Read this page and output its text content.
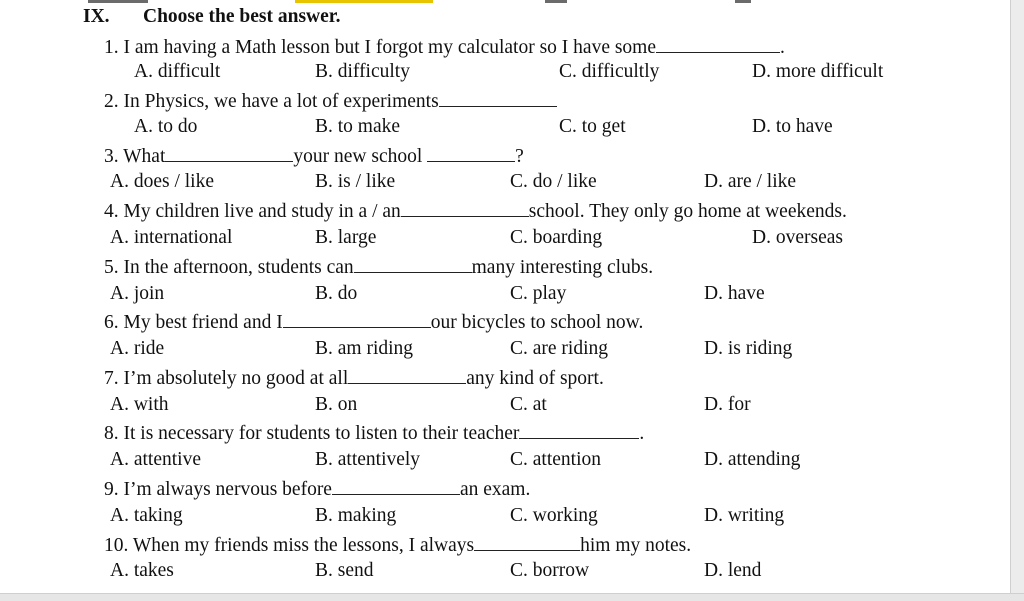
IX. Choose the best answer.
1. I am having a Math lesson but I forgot my calculator so I have some	.
A. difficult	B. difficulty	C. difficultly	D. more difficult
2. In Physics, we have a lot of experiments
A. to do	B. to make	C. to get	D. to have
3. What	your new school	?
A. does / like	B. is / like	C. do / like	D. are / like
4. My children live and study in a / an	school. They only go home at weekends.
A. international	B. large	C. boarding	D. overseas
5. In the afternoon, students can	many interesting clubs.
A. join	B. do	C. play	D. have
6. My best friend and I	our bicycles to school now.
A. ride	B. am riding	C. are riding	D. is riding
7. I’m absolutely no good at all	any kind of sport.
A. with	B. on	C. at	D. for
8. It is necessary for students to listen to their teacher	.
A. attentive	B. attentively	C. attention	D. attending
9. I’m always nervous before	an exam.
A. taking	B. making	C. working	D. writing
10. When my friends miss the lessons, I always	him my notes.
A. takes	B. send	C. borrow	D. lend
